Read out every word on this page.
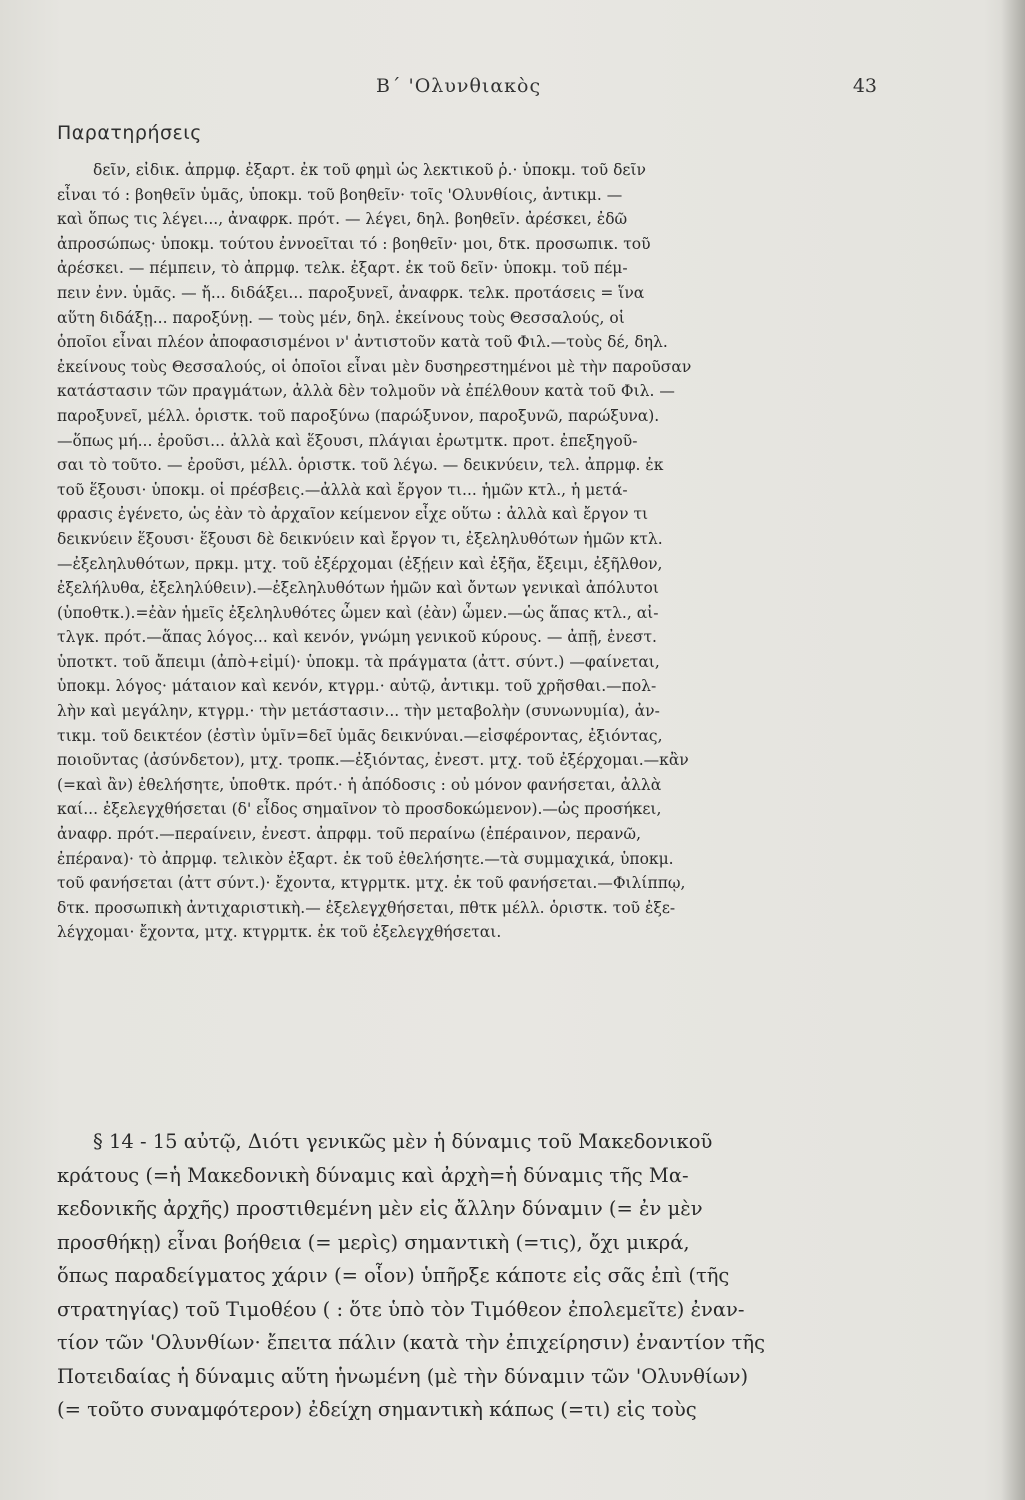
Β΄ 'Ολυνθιακὸς	43
Παρατηρήσεις
δεῖν, εἰδικ. ἀπρμφ. ἐξαρτ. ἐκ τοῦ φημὶ ὡς λεκτικοῦ ῥ.· ὑποκμ. τοῦ δεῖν
εἶναι τό : βοηθεῖν ὑμᾶς, ὑποκμ. τοῦ βοηθεῖν· τοῖς 'Ολυνθίοις, ἀντικμ. —
καὶ ὅπως τις λέγει..., ἀναφρκ. πρότ. — λέγει, δηλ. βοηθεῖν. ἀρέσκει, ἐδῶ
ἀπροσώπως· ὑποκμ. τούτου ἐννοεῖται τό : βοηθεῖν· μοι, δτκ. προσωπικ. τοῦ
ἀρέσκει. — πέμπειν, τὸ ἀπρμφ. τελκ. ἐξαρτ. ἐκ τοῦ δεῖν· ὑποκμ. τοῦ πέμ-
πειν ἐνν. ὑμᾶς. — ἤ... διδάξει... παροξυνεῖ, ἀναφρκ. τελκ. προτάσεις = ἵνα
αὕτη διδάξῃ... παροξύνῃ. — τοὺς μέν, δηλ. ἐκείνους τοὺς Θεσσαλούς, οἱ
ὁποῖοι εἶναι πλέον ἀποφασισμένοι ν' ἀντιστοῦν κατὰ τοῦ Φιλ.—τοὺς δέ, δηλ.
ἐκείνους τοὺς Θεσσαλούς, οἱ ὁποῖοι εἶναι μὲν δυσηρεστημένοι μὲ τὴν παροῦσαν
κατάστασιν τῶν πραγμάτων, ἀλλὰ δὲν τολμοῦν νὰ ἐπέλθουν κατὰ τοῦ Φιλ. —
παροξυνεῖ, μέλλ. ὁριστκ. τοῦ παροξύνω (παρώξυνον, παροξυνῶ, παρώξυνα).
—ὅπως μή... ἐροῦσι... ἀλλὰ καὶ ἕξουσι, πλάγιαι ἐρωτμτκ. προτ. ἐπεξηγοῦ-
σαι τὸ τοῦτο. — ἐροῦσι, μέλλ. ὁριστκ. τοῦ λέγω. — δεικνύειν, τελ. ἀπρμφ. ἐκ
τοῦ ἕξουσι· ὑποκμ. οἱ πρέσβεις.—ἀλλὰ καὶ ἔργον τι... ἡμῶν κτλ., ἡ μετά-
φρασις ἐγένετο, ὡς ἐὰν τὸ ἀρχαῖον κείμενον εἶχε οὕτω : ἀλλὰ καὶ ἔργον τι
δεικνύειν ἕξουσι· ἕξουσι δὲ δεικνύειν καὶ ἔργον τι, ἐξεληλυθότων ἡμῶν κτλ.
—ἐξεληλυθότων, πρκμ. μτχ. τοῦ ἐξέρχομαι (ἐξῄειν καὶ ἐξῆα, ἔξειμι, ἐξῆλθον,
ἐξελήλυθα, ἐξεληλύθειν).—ἐξεληλυθότων ἡμῶν καὶ ὄντων γενικαὶ ἀπόλυτοι
(ὑποθτκ.).=ἐὰν ἡμεῖς ἐξεληλυθότες ὦμεν καὶ (ἐὰν) ὦμεν.—ὡς ἅπας κτλ., αἰ-
τλγκ. πρότ.—ἅπας λόγος... καὶ κενόν, γνώμη γενικοῦ κύρους. — ἀπῇ, ἐνεστ.
ὑποτκτ. τοῦ ἄπειμι (ἀπὸ+εἰμί)· ὑποκμ. τὰ πράγματα (ἀττ. σύντ.) —φαίνεται,
ὑποκμ. λόγος· μάταιον καὶ κενόν, κτγρμ.· αὐτῷ, ἀντικμ. τοῦ χρῆσθαι.—πολ-
λὴν καὶ μεγάλην, κτγρμ.· τὴν μετάστασιν... τὴν μεταβολὴν (συνωνυμία), ἀν-
τικμ. τοῦ δεικτέον (ἐστὶν ὑμῖν=δεῖ ὑμᾶς δεικνύναι.—εἰσφέροντας, ἐξιόντας,
ποιοῦντας (ἀσύνδετον), μτχ. τροπκ.—ἐξιόντας, ἐνεστ. μτχ. τοῦ ἐξέρχομαι.—κἂν
(=καὶ ἂν) ἐθελήσητε, ὑποθτκ. πρότ.· ἡ ἀπόδοσις : οὐ μόνον φανήσεται, ἀλλὰ
καί... ἐξελεγχθήσεται (δ' εἶδος σημαῖνον τὸ προσδοκώμενον).—ὡς προσήκει,
ἀναφρ. πρότ.—περαίνειν, ἐνεστ. ἀπρφμ. τοῦ περαίνω (ἐπέραινον, περανῶ,
ἐπέρανα)· τὸ ἀπρμφ. τελικὸν ἐξαρτ. ἐκ τοῦ ἐθελήσητε.—τὰ συμμαχικά, ὑποκμ.
τοῦ φανήσεται (ἀττ σύντ.)· ἔχοντα, κτγρμτκ. μτχ. ἐκ τοῦ φανήσεται.—Φιλίππῳ,
δτκ. προσωπικὴ ἀντιχαριστικὴ.— ἐξελεγχθήσεται, πθτκ μέλλ. ὁριστκ. τοῦ ἐξε-
λέγχομαι· ἔχοντα, μτχ. κτγρμτκ. ἐκ τοῦ ἐξελεγχθήσεται.
§ 14 - 15 αὐτῷ, Διότι γενικῶς μὲν ἡ δύναμις τοῦ Μακεδονικοῦ
κράτους (=ἡ Μακεδονικὴ δύναμις καὶ ἀρχὴ=ἡ δύναμις τῆς Μα-
κεδονικῆς ἀρχῆς) προστιθεμένη μὲν εἰς ἄλλην δύναμιν (= ἐν μὲν
προσθήκῃ) εἶναι βοήθεια (= μερὶς) σημαντικὴ (=τις), ὄχι μικρά,
ὅπως παραδείγματος χάριν (= οἷον) ὑπῆρξε κάποτε εἰς σᾶς ἐπὶ (τῆς
στρατηγίας) τοῦ Τιμοθέου ( : ὅτε ὑπὸ τὸν Τιμόθεον ἐπολεμεῖτε) ἐναν-
τίον τῶν 'Ολυνθίων· ἔπειτα πάλιν (κατὰ τὴν ἐπιχείρησιν) ἐναντίον τῆς
Ποτειδαίας ἡ δύναμις αὕτη ἡνωμένη (μὲ τὴν δύναμιν τῶν 'Ολυνθίων)
(= τοῦτο συναμφότερον) ἐδείχη σημαντικὴ κάπως (=τι) εἰς τοὺς
